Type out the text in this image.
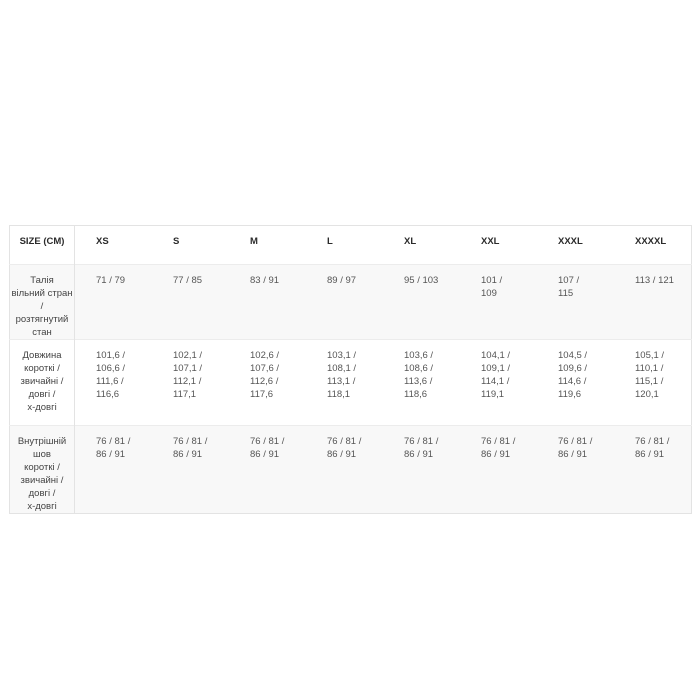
SIZE (CM)	XS	S	M	L	XL	XXL	XXXL	XXXXL

Талія
вільний стран /
розтягнутий стан	71 / 79	77 / 85	83 / 91	89 / 97	95 / 103	101 /
109	107 /
115	113 / 121

Довжина
короткі /
звичайні /
довгі /
x-довгі	101,6 /
106,6 /
111,6 /
116,6	102,1 /
107,1 /
112,1 /
117,1	102,6 /
107,6 /
112,6 /
117,6	103,1 /
108,1 /
113,1 /
118,1	103,6 /
108,6 /
113,6 /
118,6	104,1 /
109,1 /
114,1 /
119,1	104,5 /
109,6 /
114,6 /
119,6	105,1 /
110,1 /
115,1 /
120,1

Внутрішній шов
короткі /
звичайні /
довгі /
x-довгі	76 / 81 /
86 / 91	76 / 81 /
86 / 91	76 / 81 /
86 / 91	76 / 81 /
86 / 91	76 / 81 /
86 / 91	76 / 81 /
86 / 91	76 / 81 /
86 / 91	76 / 81 /
86 / 91
